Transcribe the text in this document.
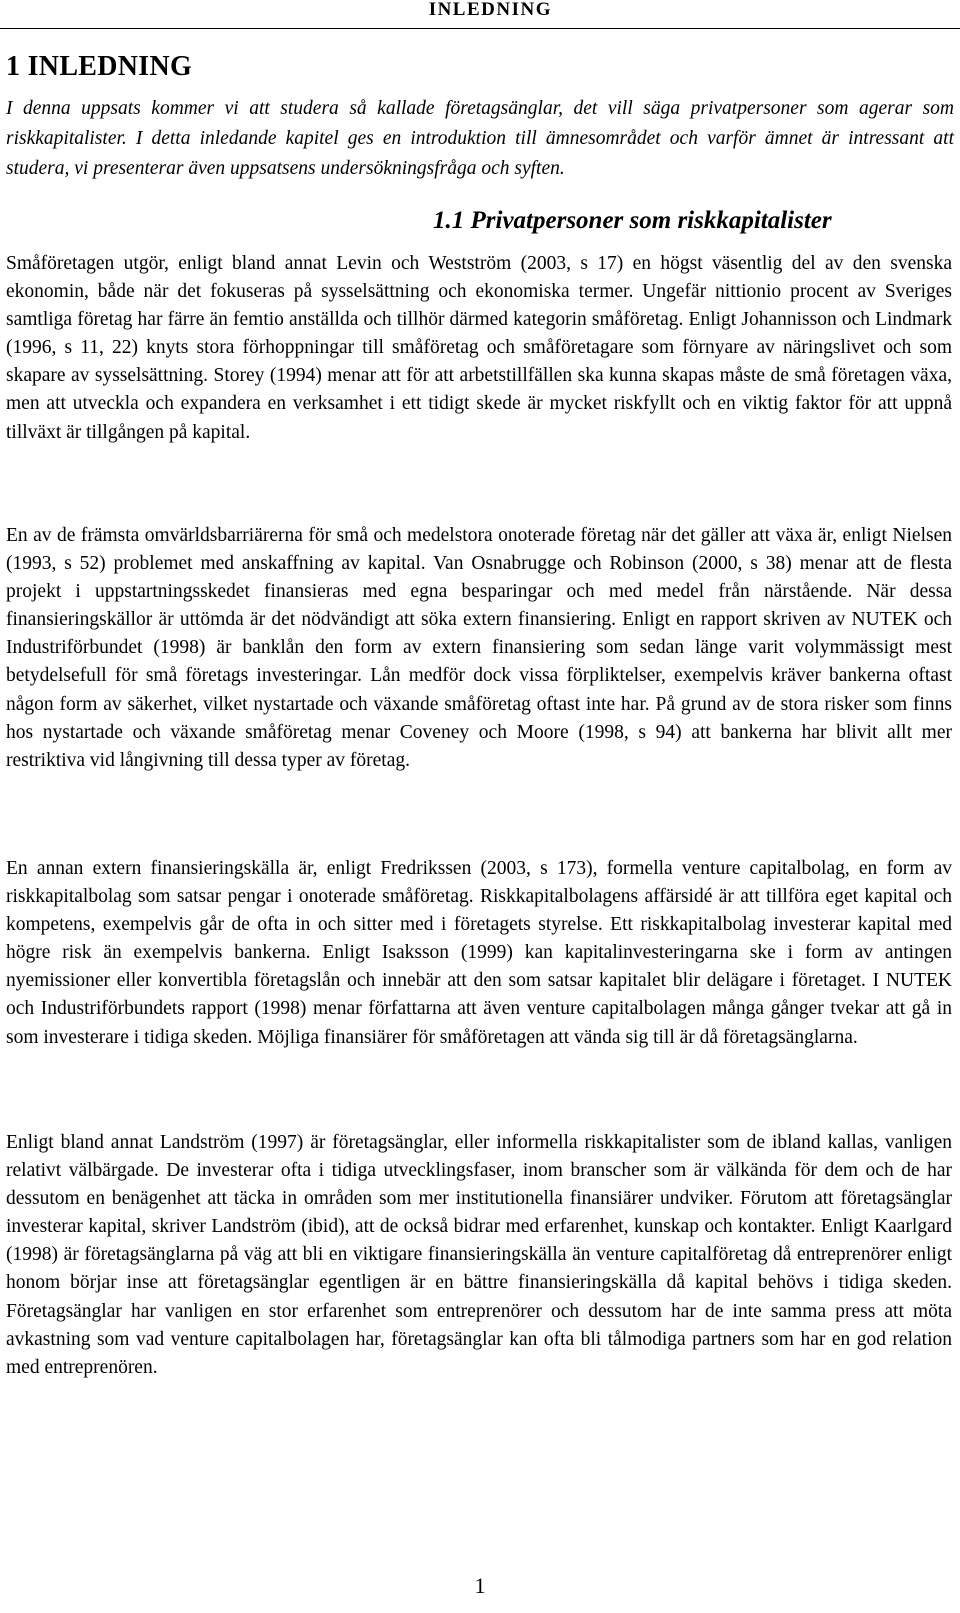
INLEDNING
1 INLEDNING

I denna uppsats kommer vi att studera så kallade företagsänglar, det vill säga privatpersoner som agerar som riskkapitalister. I detta inledande kapitel ges en introduktion till ämnesområdet och varför ämnet är intressant att studera, vi presenterar även uppsatsens undersökningsfråga och syften.

1.1 Privatpersoner som riskkapitalister

Småföretagen utgör, enligt bland annat Levin och Westström (2003, s 17) en högst väsentlig del av den svenska ekonomin, både när det fokuseras på sysselsättning och ekonomiska termer. Ungefär nittionio procent av Sveriges samtliga företag har färre än femtio anställda och tillhör därmed kategorin småföretag. Enligt Johannisson och Lindmark (1996, s 11, 22) knyts stora förhoppningar till småföretag och småföretagare som förnyare av näringslivet och som skapare av sysselsättning. Storey (1994) menar att för att arbetstillfällen ska kunna skapas måste de små företagen växa, men att utveckla och expandera en verksamhet i ett tidigt skede är mycket riskfyllt och en viktig faktor för att uppnå tillväxt är tillgången på kapital.

En av de främsta omvärldsbarriärerna för små och medelstora onoterade företag när det gäller att växa är, enligt Nielsen (1993, s 52) problemet med anskaffning av kapital. Van Osnabrugge och Robinson (2000, s 38) menar att de flesta projekt i uppstartningsskedet finansieras med egna besparingar och med medel från närstående. När dessa finansieringskällor är uttömda är det nödvändigt att söka extern finansiering. Enligt en rapport skriven av NUTEK och Industriförbundet (1998) är banklån den form av extern finansiering som sedan länge varit volymmässigt mest betydelsefull för små företags investeringar. Lån medför dock vissa förpliktelser, exempelvis kräver bankerna oftast någon form av säkerhet, vilket nystartade och växande småföretag oftast inte har. På grund av de stora risker som finns hos nystartade och växande småföretag menar Coveney och Moore (1998, s 94) att bankerna har blivit allt mer restriktiva vid långivning till dessa typer av företag.

En annan extern finansieringskälla är, enligt Fredrikssen (2003, s 173), formella venture capitalbolag, en form av riskkapitalbolag som satsar pengar i onoterade småföretag. Riskkapitalbolagens affärsidé är att tillföra eget kapital och kompetens, exempelvis går de ofta in och sitter med i företagets styrelse. Ett riskkapitalbolag investerar kapital med högre risk än exempelvis bankerna. Enligt Isaksson (1999) kan kapitalinvesteringarna ske i form av antingen nyemissioner eller konvertibla företagslån och innebär att den som satsar kapitalet blir delägare i företaget. I NUTEK och Industriförbundets rapport (1998) menar författarna att även venture capitalbolagen många gånger tvekar att gå in som investerare i tidiga skeden. Möjliga finansiärer för småföretagen att vända sig till är då företagsänglarna.

Enligt bland annat Landström (1997) är företagsänglar, eller informella riskkapitalister som de ibland kallas, vanligen relativt välbärgade. De investerar ofta i tidiga utvecklingsfaser, inom branscher som är välkända för dem och de har dessutom en benägenhet att täcka in områden som mer institutionella finansiärer undviker. Förutom att företagsänglar investerar kapital, skriver Landström (ibid), att de också bidrar med erfarenhet, kunskap och kontakter. Enligt Kaarlgard (1998) är företagsänglarna på väg att bli en viktigare finansieringskälla än venture capitalföretag då entreprenörer enligt honom börjar inse att företagsänglar egentligen är en bättre finansieringskälla då kapital behövs i tidiga skeden. Företagsänglar har vanligen en stor erfarenhet som entreprenörer och dessutom har de inte samma press att möta avkastning som vad venture capitalbolagen har, företagsänglar kan ofta bli tålmodiga partners som har en god relation med entreprenören.

1
